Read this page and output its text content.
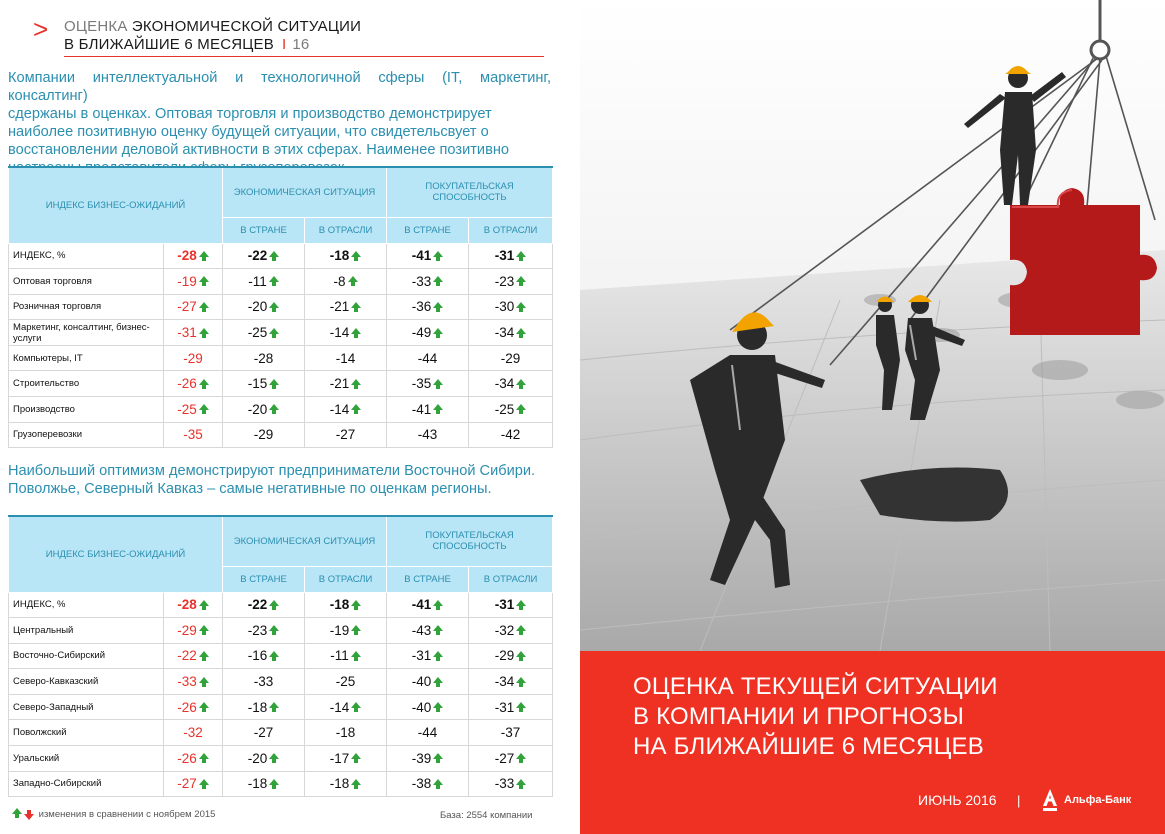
> ОЦЕНКА ЭКОНОМИЧЕСКОЙ СИТУАЦИИ
В БЛИЖАЙШИЕ 6 МЕСЯЦЕВ I 16
Компании интеллектуальной и технологичной сферы (IT, маркетинг, консалтинг)
сдержаны в оценках. Оптовая торговля и производство демонстрирует
наиболее позитивную оценку будущей ситуации, что свидетельсвует о
восстановлении деловой активности в этих сферах. Наименее позитивно
ИНДЕКС БИЗНЕС-ОЖИДАНИЙ		ЭКОНОМИЧЕСКАЯ СИТУАЦИЯ		ПОКУПАТЕЛЬСКАЯ СПОСОБНОСТЬ	
		В СТРАНЕ	В ОТРАСЛИ	В СТРАНЕ	В ОТРАСЛИ
ИНДЕКС, %	-28	-22	-18	-41	-31
Оптовая торговля	-19	-11	-8	-33	-23
Розничная торговля	-27	-20	-21	-36	-30
Маркетинг, консалтинг, бизнес-услуги	-31	-25	-14	-49	-34
Компьютеры, IT	-29	-28	-14	-44	-29
Строительство	-26	-15	-21	-35	-34
Производство	-25	-20	-14	-41	-25
Грузоперевозки	-35	-29	-27	-43	-42
Наибольший оптимизм демонстрируют предприниматели Восточной Сибири.
Поволжье, Северный Кавказ – самые негативные по оценкам регионы.
ИНДЕКС БИЗНЕС-ОЖИДАНИЙ		ЭКОНОМИЧЕСКАЯ СИТУАЦИЯ		ПОКУПАТЕЛЬСКАЯ СПОСОБНОСТЬ	
		В СТРАНЕ	В ОТРАСЛИ	В СТРАНЕ	В ОТРАСЛИ
ИНДЕКС, %	-28	-22	-18	-41	-31
Центральный	-29	-23	-19	-43	-32
Восточно-Сибирский	-22	-16	-11	-31	-29
Северо-Кавказский	-33	-33	-25	-40	-34
Северо-Западный	-26	-18	-14	-40	-31
Поволжский	-32	-27	-18	-44	-37
Уральский	-26	-20	-17	-39	-27
Западно-Сибирский	-27	-18	-18	-38	-33
изменения в сравнении с ноябрем 2015	База: 2554 компании
ОЦЕНКА ТЕКУЩЕЙ СИТУАЦИИ
В КОМПАНИИ И ПРОГНОЗЫ
НА БЛИЖАЙШИЕ 6 МЕСЯЦЕВ
ИЮНЬ 2016 |	Альфа-Банк
